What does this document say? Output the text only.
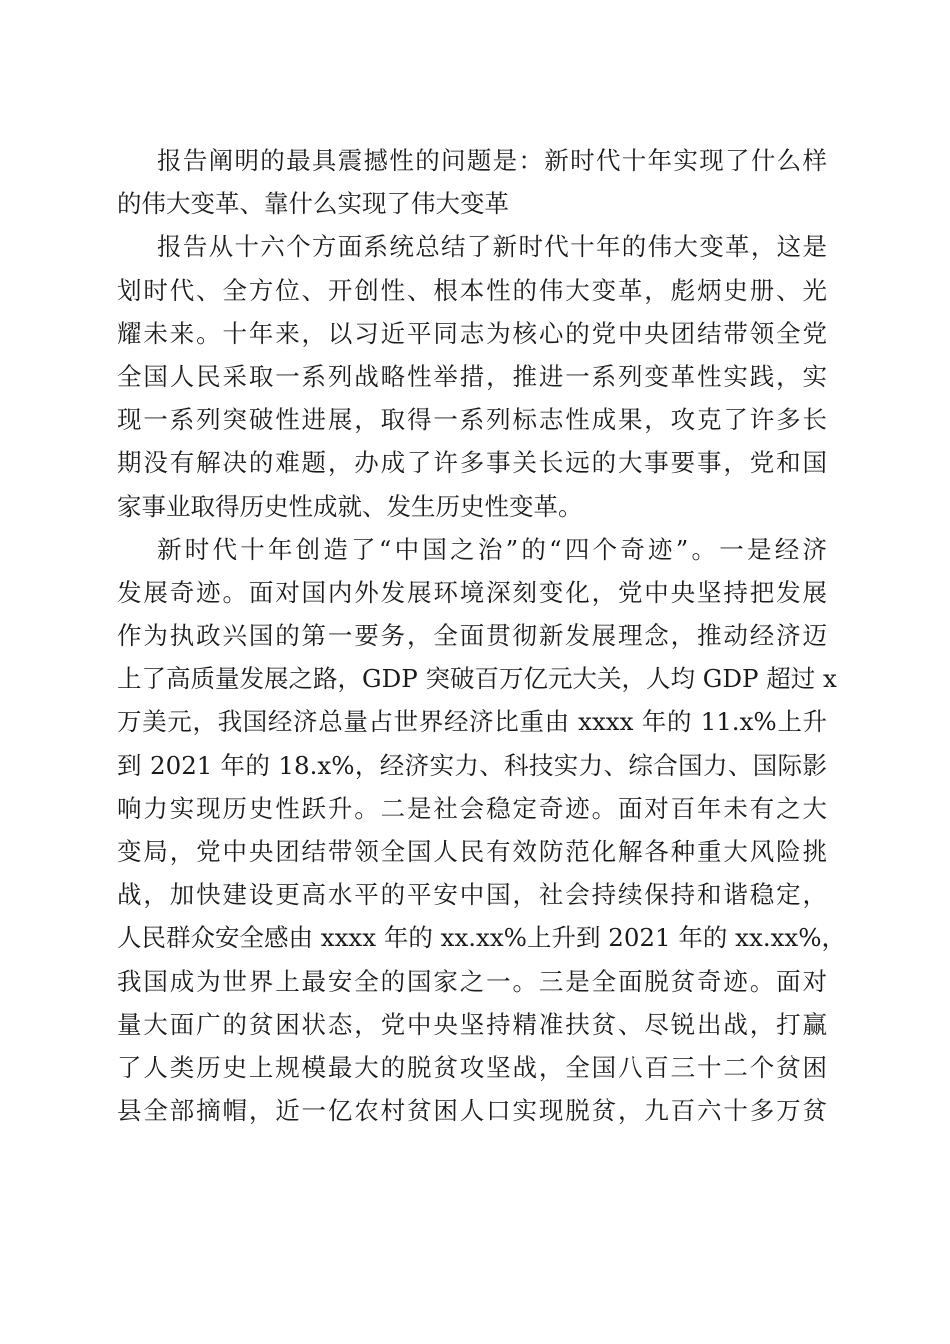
报告阐明的最具震撼性的问题是：新时代十年实现了什么样
的伟大变革、靠什么实现了伟大变革
报告从十六个方面系统总结了新时代十年的伟大变革，这是
划时代、全方位、开创性、根本性的伟大变革，彪炳史册、光
耀未来。十年来，以习近平同志为核心的党中央团结带领全党
全国人民采取一系列战略性举措，推进一系列变革性实践，实
现一系列突破性进展，取得一系列标志性成果，攻克了许多长
期没有解决的难题，办成了许多事关长远的大事要事，党和国
家事业取得历史性成就、发生历史性变革。
新时代十年创造了“中国之治”的“四个奇迹”。一是经济
发展奇迹。面对国内外发展环境深刻变化，党中央坚持把发展
作为执政兴国的第一要务，全面贯彻新发展理念，推动经济迈
上了高质量发展之路，GDP 突破百万亿元大关，人均 GDP 超过 x
万美元，我国经济总量占世界经济比重由 xxxx 年的 11.x%上升
到 2021 年的 18.x%，经济实力、科技实力、综合国力、国际影
响力实现历史性跃升。二是社会稳定奇迹。面对百年未有之大
变局，党中央团结带领全国人民有效防范化解各种重大风险挑
战，加快建设更高水平的平安中国，社会持续保持和谐稳定，
人民群众安全感由 xxxx 年的 xx.xx%上升到 2021 年的 xx.xx%，
我国成为世界上最安全的国家之一。三是全面脱贫奇迹。面对
量大面广的贫困状态，党中央坚持精准扶贫、尽锐出战，打赢
了人类历史上规模最大的脱贫攻坚战，全国八百三十二个贫困
县全部摘帽，近一亿农村贫困人口实现脱贫，九百六十多万贫
